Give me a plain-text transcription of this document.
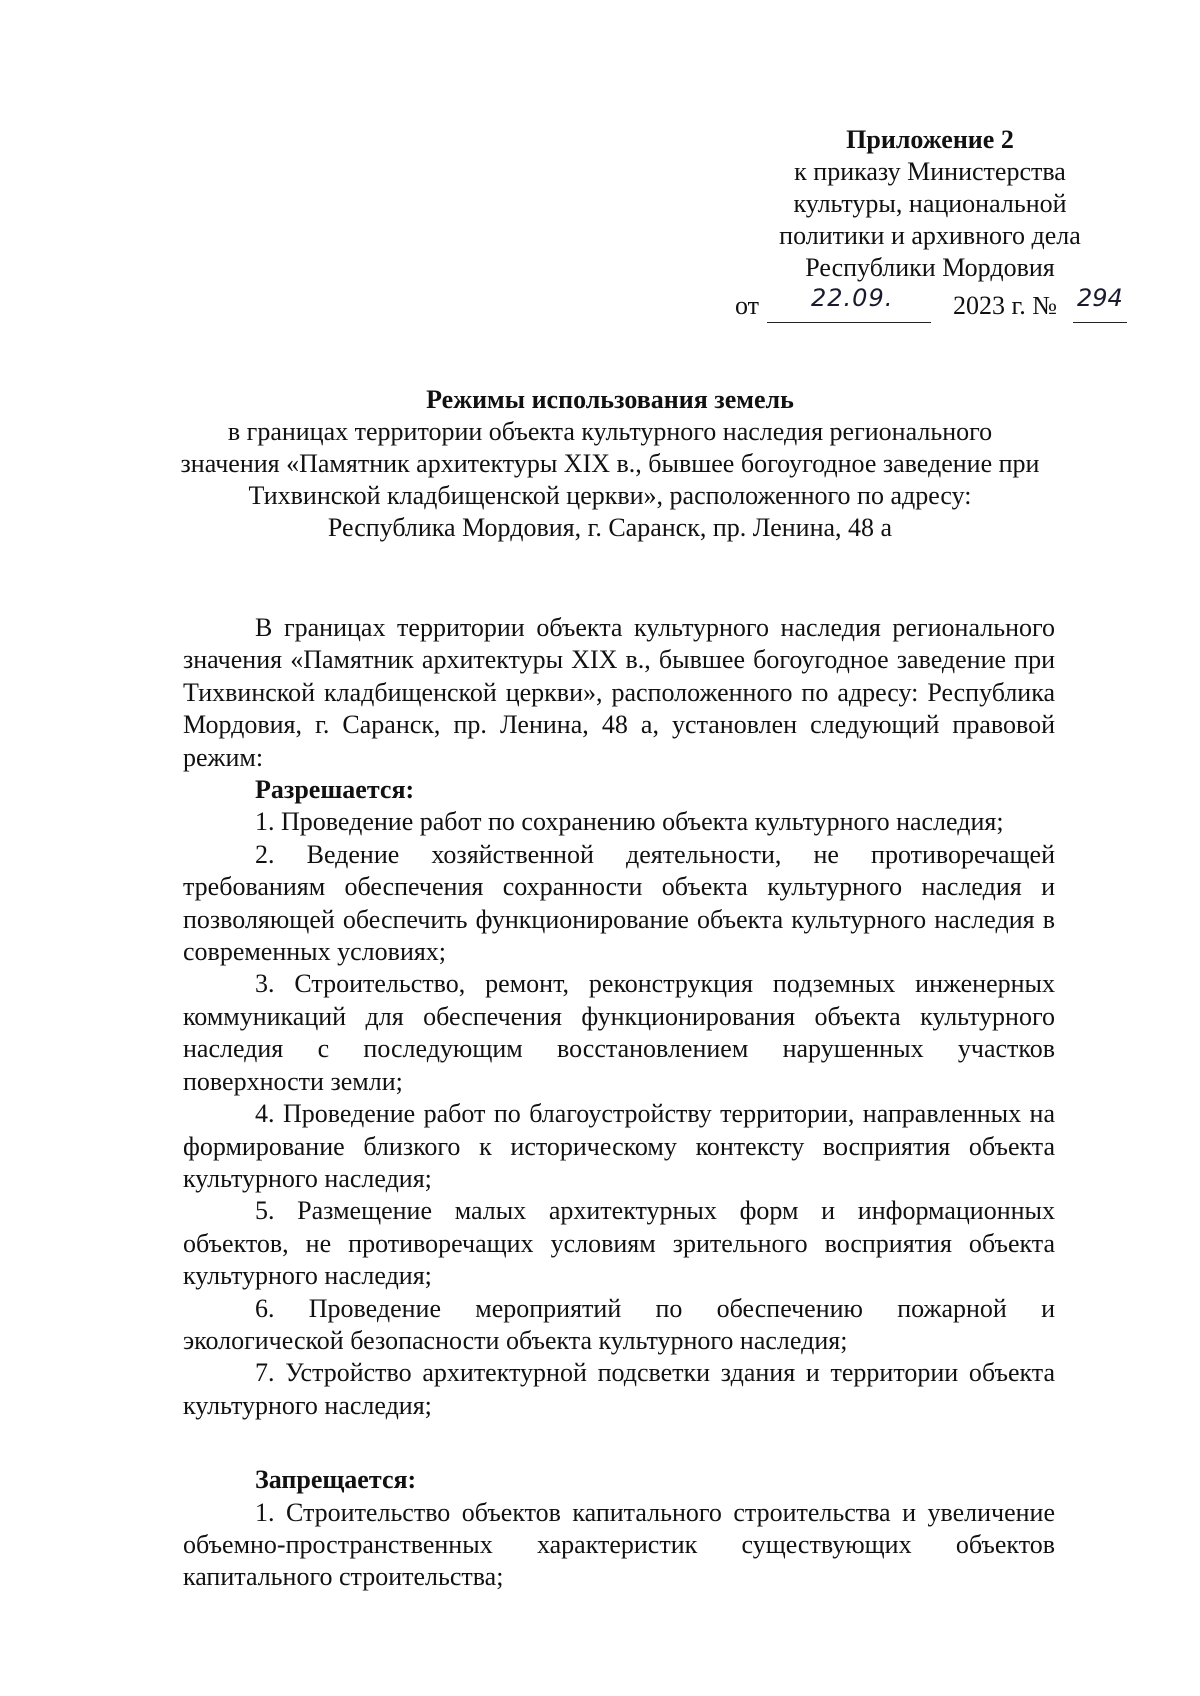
Приложение 2
к приказу Министерства
культуры, национальной
политики и архивного дела
Республики Мордовия
от 22.09. 2023 г. № 294
Режимы использования земель
в границах территории объекта культурного наследия регионального
значения «Памятник архитектуры XIX в., бывшее богоугодное заведение при
Тихвинской кладбищенской церкви», расположенного по адресу:
Республика Мордовия, г. Саранск, пр. Ленина, 48 а

В границах территории объекта культурного наследия регионального значения «Памятник архитектуры XIX в., бывшее богоугодное заведение при Тихвинской кладбищенской церкви», расположенного по адресу: Республика Мордовия, г. Саранск, пр. Ленина, 48 а, установлен следующий правовой режим:

Разрешается:

1. Проведение работ по сохранению объекта культурного наследия;

2. Ведение хозяйственной деятельности, не противоречащей требованиям обеспечения сохранности объекта культурного наследия и позволяющей обеспечить функционирование объекта культурного наследия в современных условиях;

3. Строительство, ремонт, реконструкция подземных инженерных коммуникаций для обеспечения функционирования объекта культурного наследия с последующим восстановлением нарушенных участков поверхности земли;

4. Проведение работ по благоустройству территории, направленных на формирование близкого к историческому контексту восприятия объекта культурного наследия;

5. Размещение малых архитектурных форм и информационных объектов, не противоречащих условиям зрительного восприятия объекта культурного наследия;

6. Проведение мероприятий по обеспечению пожарной и экологической безопасности объекта культурного наследия;

7. Устройство архитектурной подсветки здания и территории объекта культурного наследия;

Запрещается:

1. Строительство объектов капитального строительства и увеличение объемно-пространственных характеристик существующих объектов капитального строительства;
